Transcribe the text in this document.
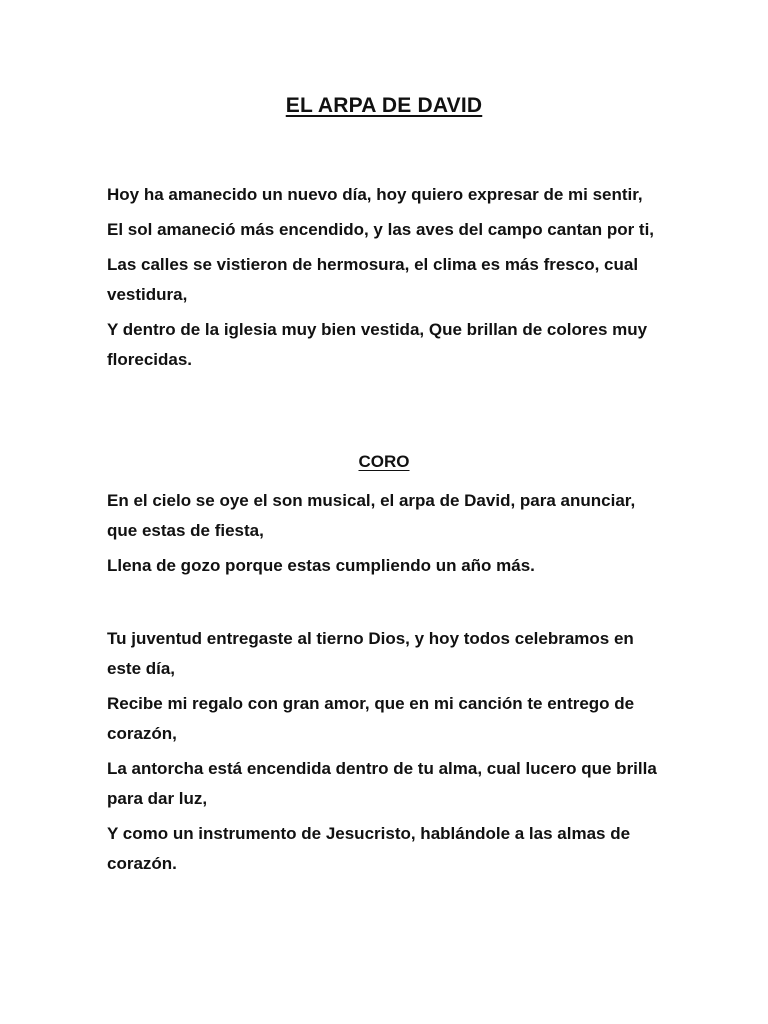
EL ARPA DE DAVID

Hoy ha amanecido un nuevo día, hoy quiero expresar de mi sentir,

El sol amaneció más encendido, y las aves del campo cantan por ti,

Las calles se vistieron de hermosura, el clima es más fresco, cual vestidura,

Y dentro de la iglesia muy bien vestida, Que brillan de colores muy florecidas.

CORO

En el cielo se oye el son musical, el arpa de David, para anunciar, que estas de fiesta,

Llena de gozo porque estas cumpliendo un año más.

Tu juventud entregaste al tierno Dios, y hoy todos celebramos en este día,

Recibe mi regalo con gran amor, que en mi canción te entrego de corazón,

La antorcha está encendida dentro de tu alma, cual lucero que brilla para dar luz,

Y como un instrumento de Jesucristo, hablándole a las almas de corazón.
